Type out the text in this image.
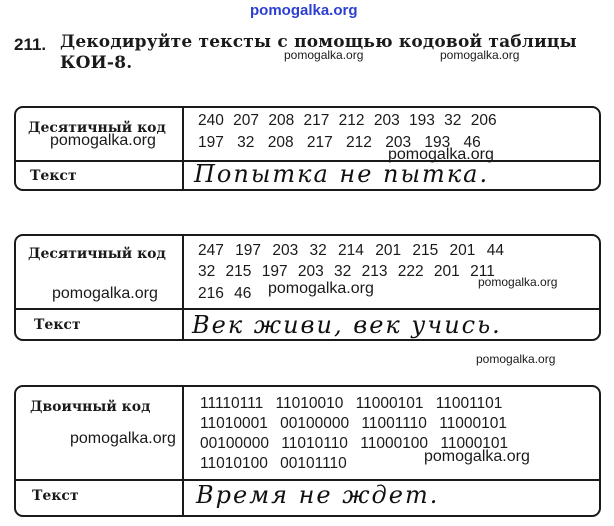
pomogalka.org
211. Декодируйте тексты с помощью кодовой таблицы
КОИ-8.	pomogalka.org	pomogalka.org
Десятичный код 240 207 208 217 212 203 193 32 206
197 32 208 217 212 203 193 46
Текст	Попытка не пытка.
pomogalka.org
pomogalka.org
Десятичный код 247 197 203 32 214 201 215 201 44
32 215 197 203 32 213 222 201 211
216 46
Текст	Век живи, век учись.
pomogalka.org	pomogalka.org	pomogalka.org
pomogalka.org
Двоичный код	11110111 11010010 11000101 11001101
11010001 00100000 11001110 11000101
00100000 11010110 11000100 11000101
11010100 00101110
Текст	Время не ждет.
pomogalka.org
pomogalka.org
